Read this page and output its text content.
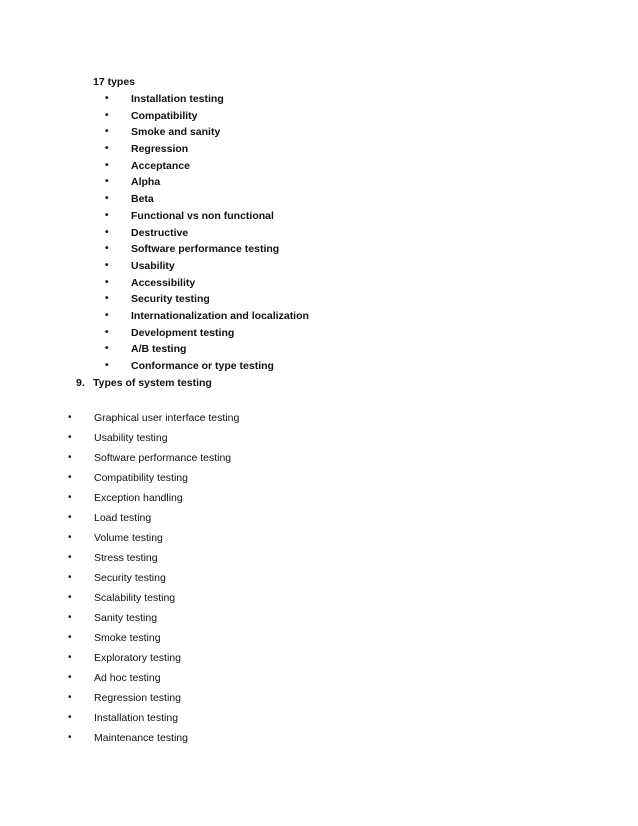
17 types
• Installation testing
• Compatibility
• Smoke and sanity
• Regression
• Acceptance
• Alpha
• Beta
• Functional vs non functional
• Destructive
• Software performance testing
• Usability
• Accessibility
• Security testing
• Internationalization and localization
• Development testing
• A/B testing
• Conformance or type testing
9. Types of system testing
• Graphical user interface testing
• Usability testing
• Software performance testing
• Compatibility testing
• Exception handling
• Load testing
• Volume testing
• Stress testing
• Security testing
• Scalability testing
• Sanity testing
• Smoke testing
• Exploratory testing
• Ad hoc testing
• Regression testing
• Installation testing
• Maintenance testing
